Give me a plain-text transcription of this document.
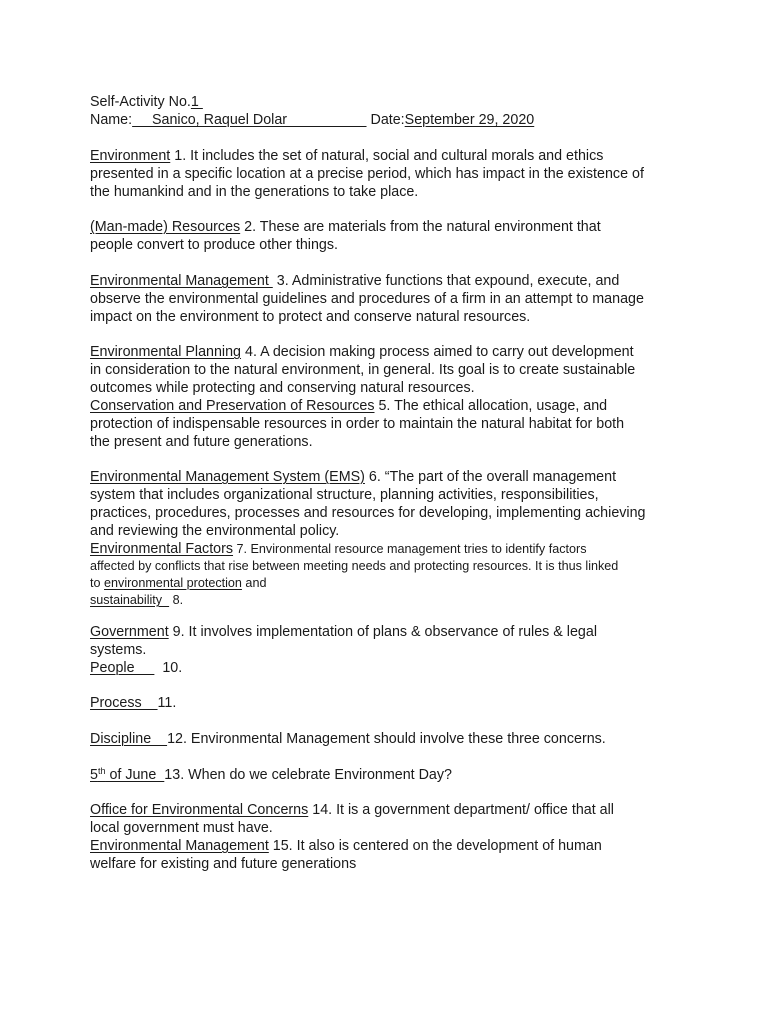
Self-Activity No.1
Name:     Sanico, Raquel Dolar                     Date:September 29, 2020
Environment 1. It includes the set of natural, social and cultural morals and ethics
presented in a specific location at a precise period, which has impact in the existence of
the humankind and in the generations to take place.
(Man-made) Resources 2. These are materials from the natural environment that
people convert to produce other things.
Environmental Management  3. Administrative functions that expound, execute, and
observe the environmental guidelines and procedures of a firm in an attempt to manage
impact on the environment to protect and conserve natural resources.
Environmental Planning 4. A decision making process aimed to carry out development
in consideration to the natural environment, in general. Its goal is to create sustainable
outcomes while protecting and conserving natural resources.
Conservation and Preservation of Resources 5. The ethical allocation, usage, and
protection of indispensable resources in order to maintain the natural habitat for both
the present and future generations.
Environmental Management System (EMS) 6. “The part of the overall management
system that includes organizational structure, planning activities, responsibilities,
practices, procedures, processes and resources for developing, implementing achieving
and reviewing the environmental policy.
Environmental Factors 7. Environmental resource management tries to identify factors
affected by conflicts that rise between meeting needs and protecting resources. It is thus linked
to environmental protection and
sustainability   8.
Government 9. It involves implementation of plans & observance of rules & legal
systems.
People       10.
Process    11.
Discipline    12. Environmental Management should involve these three concerns.
5th of June  13. When do we celebrate Environment Day?
Office for Environmental Concerns 14. It is a government department/ office that all
local government must have.
Environmental Management 15. It also is centered on the development of human
welfare for existing and future generations
